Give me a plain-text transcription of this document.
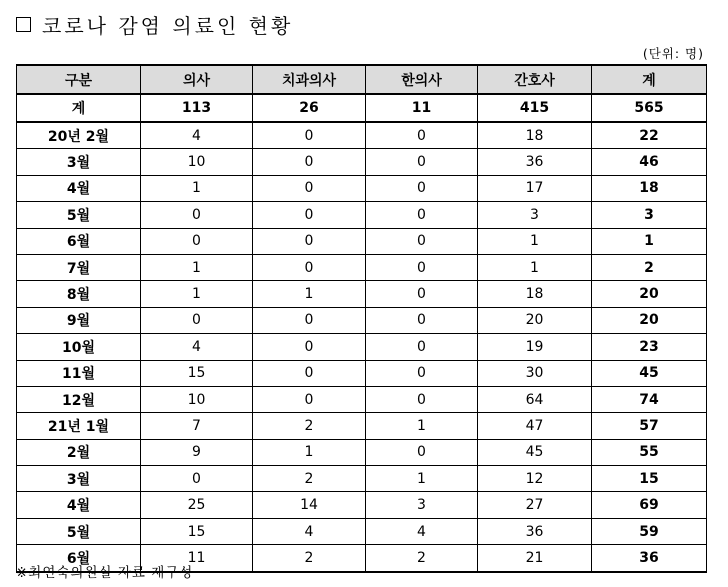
코로나 감염 의료인 현황
(단위: 명)
구분	의사	치과의사	한의사	간호사	계
계	113	26	11	415	565
20년 2월	4	0	0	18	22
3월	10	0	0	36	46
4월	1	0	0	17	18
5월	0	0	0	3	3
6월	0	0	0	1	1
7월	1	0	0	1	2
8월	1	1	0	18	20
9월	0	0	0	20	20
10월	4	0	0	19	23
11월	15	0	0	30	45
12월	10	0	0	64	74
21년 1월	7	2	1	47	57
2월	9	1	0	45	55
3월	0	2	1	12	15
4월	25	14	3	27	69
5월	15	4	4	36	59
6월	11	2	2	21	36
※최연숙의원실 자료 재구성
